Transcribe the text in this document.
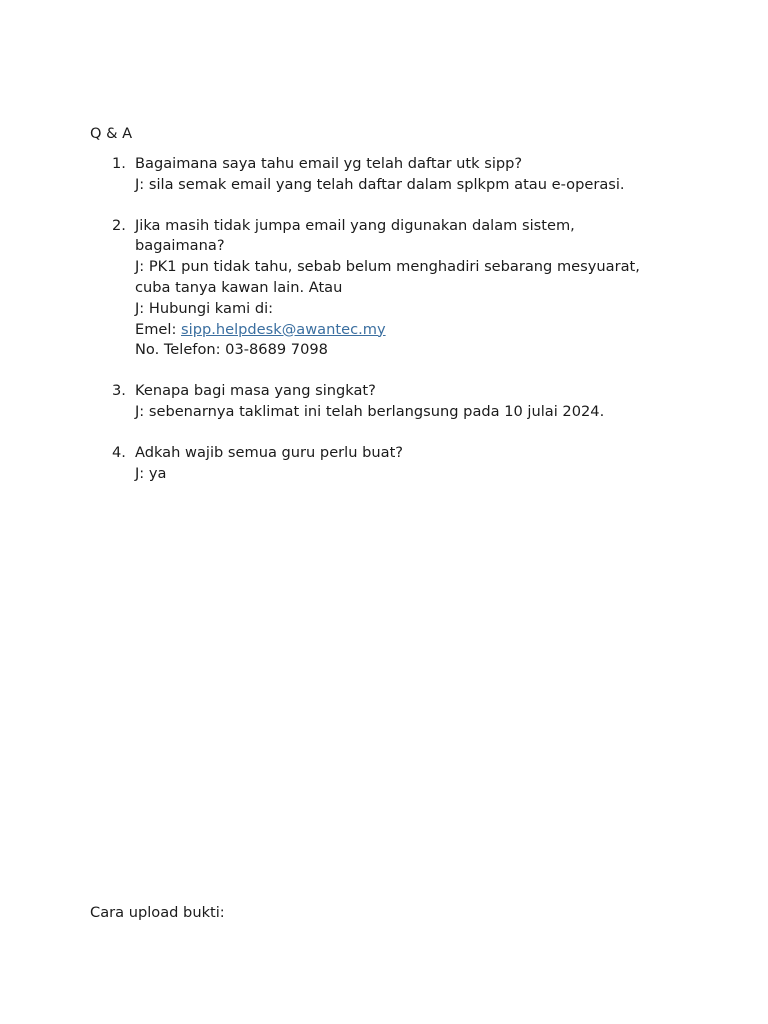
Q & A

1. Bagaimana saya tahu email yg telah daftar utk sipp?
J: sila semak email yang telah daftar dalam splkpm atau e-operasi.
2. Jika masih tidak jumpa email yang digunakan dalam sistem,
bagaimana?
J: PK1 pun tidak tahu, sebab belum menghadiri sebarang mesyuarat,
cuba tanya kawan lain. Atau
J: Hubungi kami di:
Emel: sipp.helpdesk@awantec.my
No. Telefon: 03-8689 7098
3. Kenapa bagi masa yang singkat?
J: sebenarnya taklimat ini telah berlangsung pada 10 julai 2024.
4. Adkah wajib semua guru perlu buat?
J: ya

Cara upload bukti:
